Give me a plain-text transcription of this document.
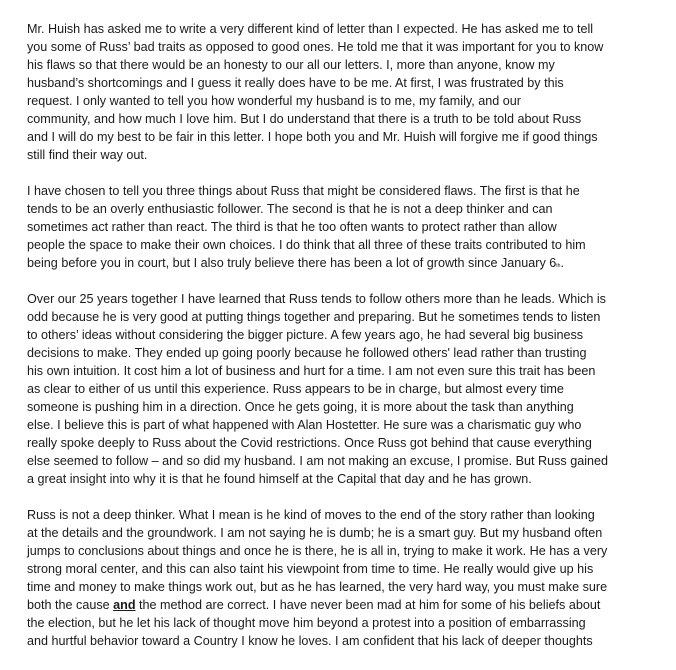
Mr. Huish has asked me to write a very different kind of letter than I expected. He has asked me to tell
you some of Russ’ bad traits as opposed to good ones. He told me that it was important for you to know
his flaws so that there would be an honesty to our all our letters. I, more than anyone, know my
husband’s shortcomings and I guess it really does have to be me. At first, I was frustrated by this
request. I only wanted to tell you how wonderful my husband is to me, my family, and our
community, and how much I love him. But I do understand that there is a truth to be told about Russ
and I will do my best to be fair in this letter. I hope both you and Mr. Huish will forgive me if good things
still find their way out.

I have chosen to tell you three things about Russ that might be considered flaws. The first is that he
tends to be an overly enthusiastic follower. The second is that he is not a deep thinker and can
sometimes act rather than react. The third is that he too often wants to protect rather than allow
people the space to make their own choices. I do think that all three of these traits contributed to him
being before you in court, but I also truly believe there has been a lot of growth since January 6th.

Over our 25 years together I have learned that Russ tends to follow others more than he leads. Which is
odd because he is very good at putting things together and preparing. But he sometimes tends to listen
to others’ ideas without considering the bigger picture. A few years ago, he had several big business
decisions to make. They ended up going poorly because he followed others' lead rather than trusting
his own intuition. It cost him a lot of business and hurt for a time. I am not even sure this trait has been
as clear to either of us until this experience. Russ appears to be in charge, but almost every time
someone is pushing him in a direction. Once he gets going, it is more about the task than anything
else. I believe this is part of what happened with Alan Hostetter. He sure was a charismatic guy who
really spoke deeply to Russ about the Covid restrictions. Once Russ got behind that cause everything
else seemed to follow – and so did my husband. I am not making an excuse, I promise. But Russ gained
a great insight into why it is that he found himself at the Capital that day and he has grown.

Russ is not a deep thinker. What I mean is he kind of moves to the end of the story rather than looking
at the details and the groundwork. I am not saying he is dumb; he is a smart guy. But my husband often
jumps to conclusions about things and once he is there, he is all in, trying to make it work. He has a very
strong moral center, and this can also taint his viewpoint from time to time. He really would give up his
time and money to make things work out, but as he has learned, the very hard way, you must make sure
both the cause and the method are correct. I have never been mad at him for some of his beliefs about
the election, but he let his lack of thought move him beyond a protest into a position of embarrassing
and hurtful behavior toward a Country I know he loves. I am confident that his lack of deeper thoughts
